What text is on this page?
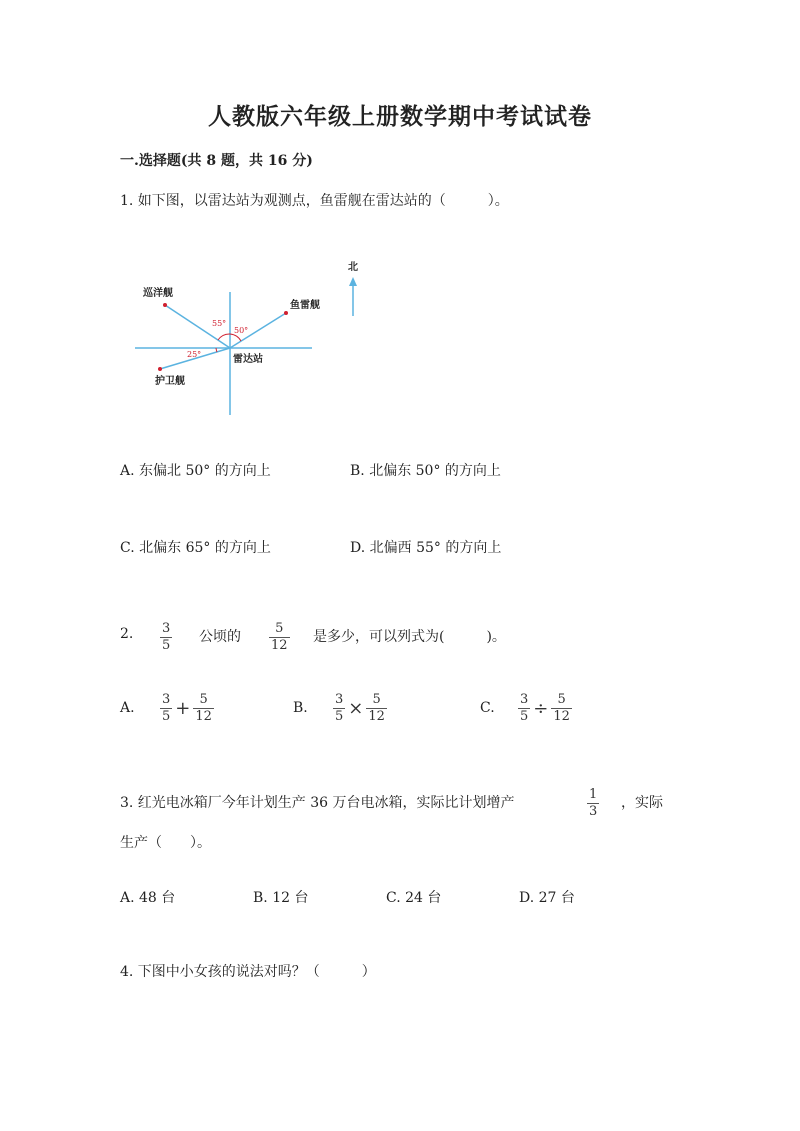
人教版六年级上册数学期中考试试卷
一.选择题(共 8 题，共 16 分)
1. 如下图，以雷达站为观测点，鱼雷舰在雷达站的（　　　）。
北
巡洋舰
鱼雷舰
雷达站
护卫舰
55°
50°
25°
A. 东偏北 50° 的方向上	B. 北偏东 50° 的方向上
C. 北偏东 65° 的方向上	D. 北偏西 55° 的方向上
2. 3
5
公顷的
5
12
是多少，可以列式为(　　　)。
A. $\frac{3}{5} + \frac{5}{12}$	B. $\frac{3}{5} \times \frac{5}{12}$	C. $\frac{3}{5} \div \frac{5}{12}$
3. 红光电冰箱厂今年计划生产 36 万台电冰箱，实际比计划增产
1
3
，实际
生产（　　）。
A. 48 台	B. 12 台	C. 24 台	D. 27 台
4. 下图中小女孩的说法对吗？（　　　）
